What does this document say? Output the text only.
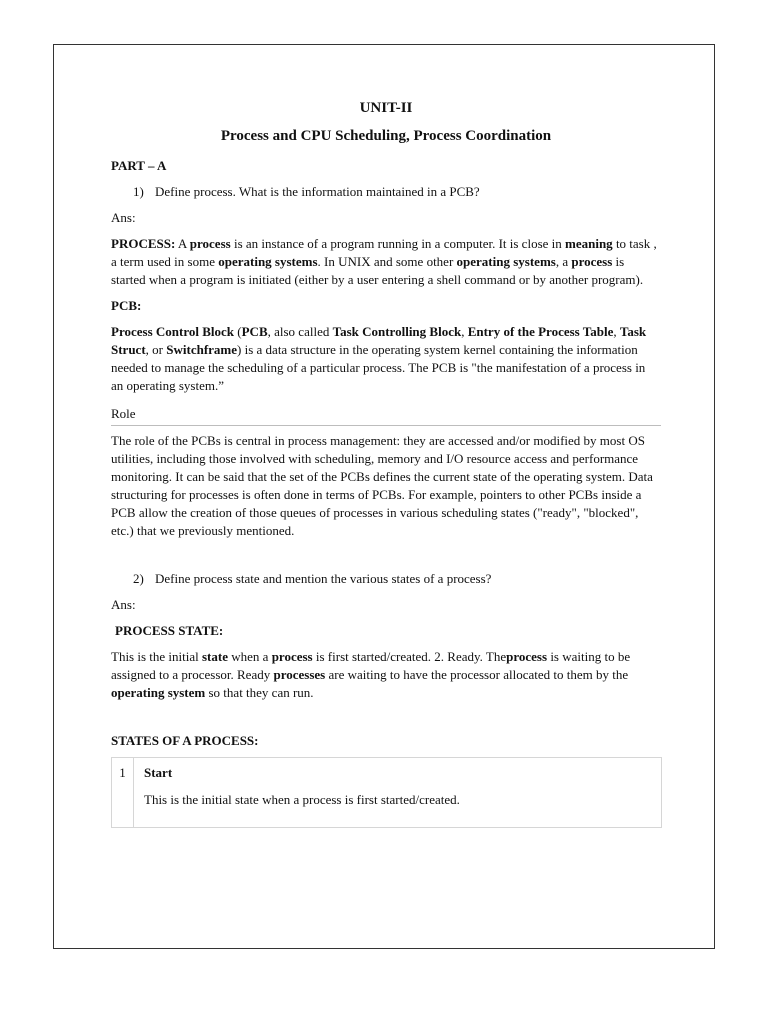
UNIT-II

Process and CPU Scheduling, Process Coordination

PART – A

1) Define process. What is the information maintained in a PCB?

Ans:

PROCESS: A process is an instance of a program running in a computer. It is close in meaning to task , a term used in some operating systems. In UNIX and some other operating systems, a process is started when a program is initiated (either by a user entering a shell command or by another program).

PCB:

Process Control Block (PCB, also called Task Controlling Block, Entry of the Process Table, Task Struct, or Switchframe) is a data structure in the operating system kernel containing the information needed to manage the scheduling of a particular process. The PCB is "the manifestation of a process in an operating system.”

Role

The role of the PCBs is central in process management: they are accessed and/or modified by most OS utilities, including those involved with scheduling, memory and I/O resource access and performance monitoring. It can be said that the set of the PCBs defines the current state of the operating system. Data structuring for processes is often done in terms of PCBs. For example, pointers to other PCBs inside a PCB allow the creation of those queues of processes in various scheduling states ("ready", "blocked", etc.) that we previously mentioned.

2) Define process state and mention the various states of a process?

Ans:

PROCESS STATE:

This is the initial state when a process is first started/created. 2. Ready. Theprocess is waiting to be assigned to a processor. Ready processes are waiting to have the processor allocated to them by the operating system so that they can run.

STATES OF A PROCESS:

1	Start
This is the initial state when a process is first started/created.
